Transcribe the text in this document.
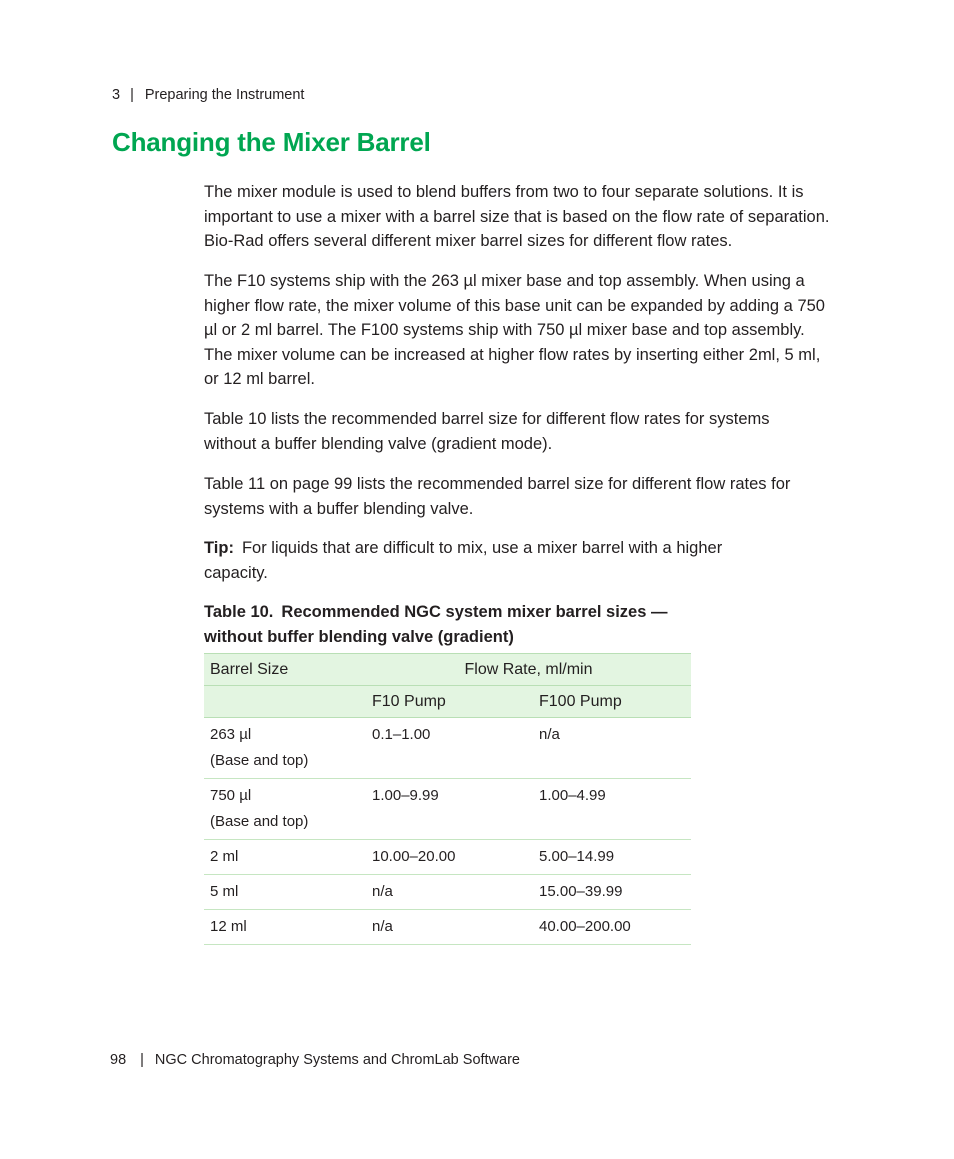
3 | Preparing the Instrument
Changing the Mixer Barrel

The mixer module is used to blend buffers from two to four separate solutions. It is important to use a mixer with a barrel size that is based on the flow rate of separation. Bio-Rad offers several different mixer barrel sizes for different flow rates.

The F10 systems ship with the 263 µl mixer base and top assembly. When using a higher flow rate, the mixer volume of this base unit can be expanded by adding a 750 µl or 2 ml barrel. The F100 systems ship with 750 µl mixer base and top assembly. The mixer volume can be increased at higher flow rates by inserting either 2ml, 5 ml, or 12 ml barrel.

Table 10 lists the recommended barrel size for different flow rates for systems without a buffer blending valve (gradient mode).

Table 11 on page 99 lists the recommended barrel size for different flow rates for systems with a buffer blending valve.

Tip: For liquids that are difficult to mix, use a mixer barrel with a higher capacity.

Table 10. Recommended NGC system mixer barrel sizes — without buffer blending valve (gradient)
Barrel Size	Flow Rate, ml/min	
	F10 Pump	F100 Pump

263 µl
(Base and top)	0.1–1.00	n/a

750 µl
(Base and top)	1.00–9.99	1.00–4.99
2 ml	10.00–20.00	5.00–14.99
5 ml	n/a	15.00–39.99
12 ml	n/a	40.00–200.00
98 | NGC Chromatography Systems and ChromLab Software
